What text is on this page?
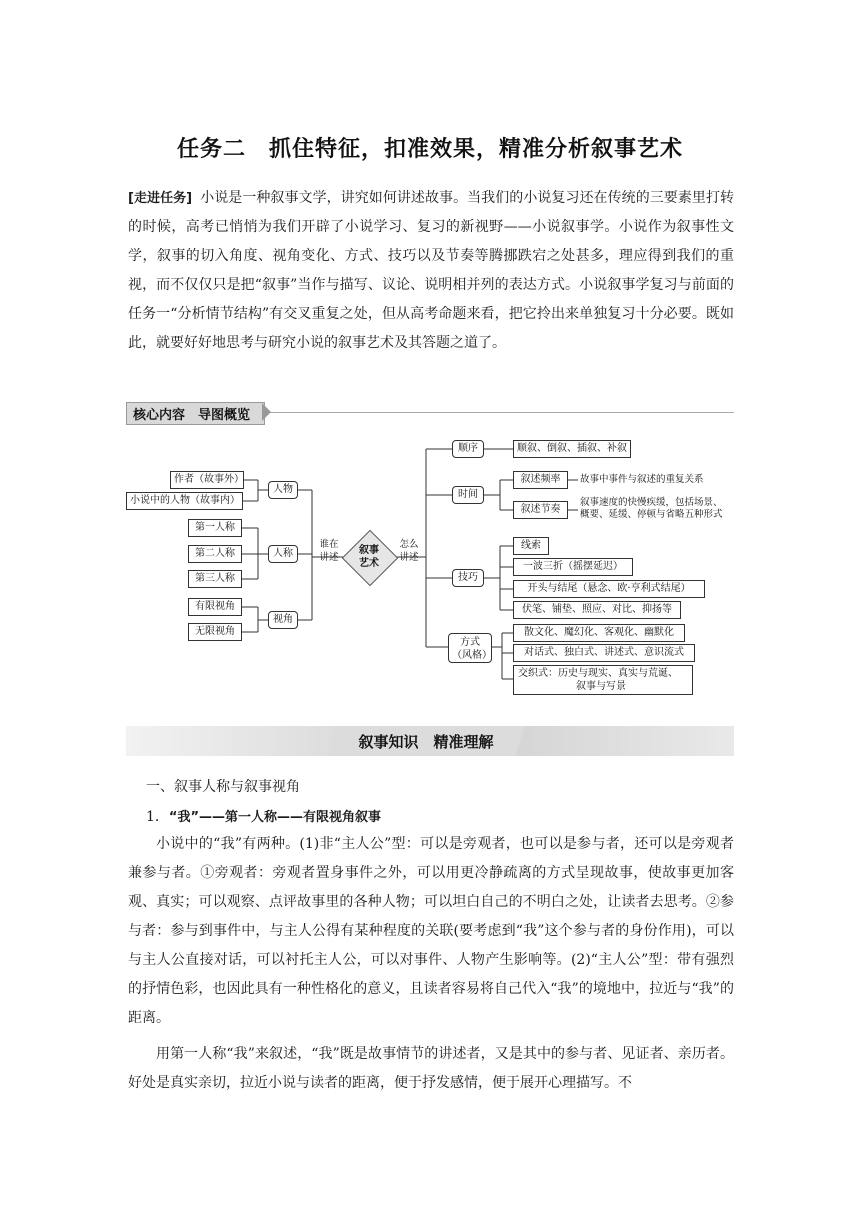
任务二　抓住特征，扣准效果，精准分析叙事艺术

[走进任务] 小说是一种叙事文学，讲究如何讲述故事。当我们的小说复习还在传统的三要素里打转的时候，高考已悄悄为我们开辟了小说学习、复习的新视野——小说叙事学。小说作为叙事性文学，叙事的切入角度、视角变化、方式、技巧以及节奏等腾挪跌宕之处甚多，理应得到我们的重视，而不仅仅只是把“叙事”当作与描写、议论、说明相并列的表达方式。小说叙事学复习与前面的任务一“分析情节结构”有交叉重复之处，但从高考命题来看，把它拎出来单独复习十分必要。既如此，就要好好地思考与研究小说的叙事艺术及其答题之道了。

核心内容　导图概览
作者（故事外）
小说中的人物（故事内）
第一人称
第二人称
第三人称
有限视角
无限视角
人物
人称
视角
谁在
讲述
怎么
讲述
叙事
艺术
顺序
时间
技巧
方式
（风格）
顺叙、倒叙、插叙、补叙
叙述频率	故事中事件与叙述的重复关系
叙述节奏
叙事速度的快慢疾缓，包括场景、
概要、延缓、停顿与省略五种形式
线索
一波三折（摇摆延迟）
开头与结尾（悬念、欧·亨利式结尾）
伏笔、铺垫、照应、对比、抑扬等
散文化、魔幻化、客观化、幽默化
对话式、独白式、讲述式、意识流式
交织式：历史与现实、真实与荒诞、
叙事与写景
叙事知识　精准理解
一、叙事人称与叙事视角
1．“我”——第一人称——有限视角叙事

小说中的“我”有两种。(1)非“主人公”型：可以是旁观者，也可以是参与者，还可以是旁观者兼参与者。①旁观者：旁观者置身事件之外，可以用更冷静疏离的方式呈现故事，使故事更加客观、真实；可以观察、点评故事里的各种人物；可以坦白自己的不明白之处，让读者去思考。②参与者：参与到事件中，与主人公得有某种程度的关联(要考虑到“我”这个参与者的身份作用)，可以与主人公直接对话，可以衬托主人公，可以对事件、人物产生影响等。(2)“主人公”型：带有强烈的抒情色彩，也因此具有一种性格化的意义，且读者容易将自己代入“我”的境地中，拉近与“我”的距离。

用第一人称“我”来叙述，“我”既是故事情节的讲述者，又是其中的参与者、见证者、亲历者。好处是真实亲切，拉近小说与读者的距离，便于抒发感情，便于展开心理描写。不
